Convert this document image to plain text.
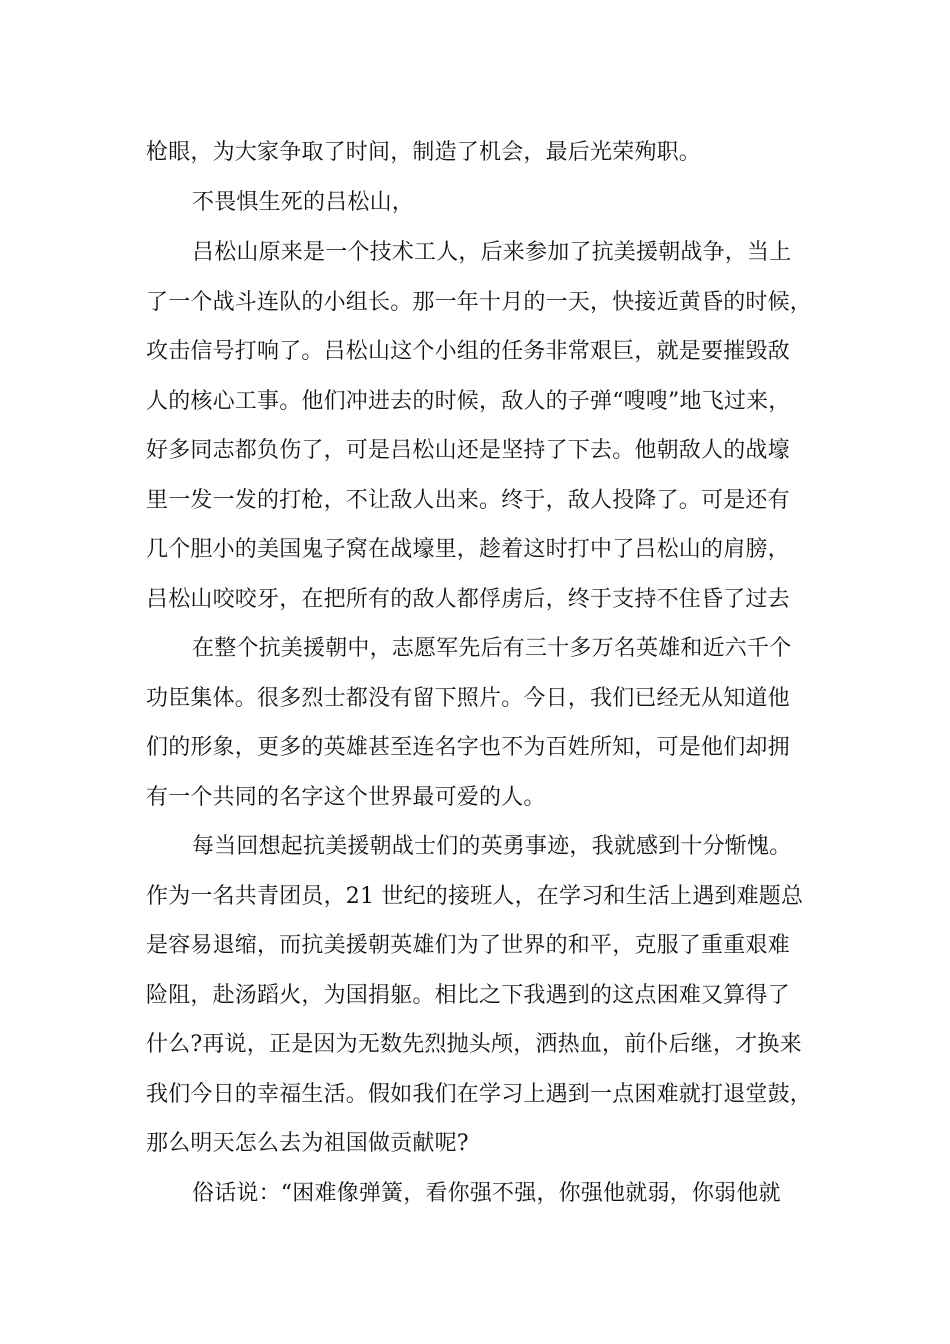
枪眼，为大家争取了时间，制造了机会，最后光荣殉职。
不畏惧生死的吕松山，
吕松山原来是一个技术工人，后来参加了抗美援朝战争，当上
了一个战斗连队的小组长。那一年十月的一天，快接近黄昏的时候，
攻击信号打响了。吕松山这个小组的任务非常艰巨，就是要摧毁敌
人的核心工事。他们冲进去的时候，敌人的子弹“嗖嗖”地飞过来，
好多同志都负伤了，可是吕松山还是坚持了下去。他朝敌人的战壕
里一发一发的打枪，不让敌人出来。终于，敌人投降了。可是还有
几个胆小的美国鬼子窝在战壕里，趁着这时打中了吕松山的肩膀，
吕松山咬咬牙，在把所有的敌人都俘虏后，终于支持不住昏了过去
在整个抗美援朝中，志愿军先后有三十多万名英雄和近六千个
功臣集体。很多烈士都没有留下照片。今日，我们已经无从知道他
们的形象，更多的英雄甚至连名字也不为百姓所知，可是他们却拥
有一个共同的名字这个世界最可爱的人。
每当回想起抗美援朝战士们的英勇事迹，我就感到十分惭愧。
作为一名共青团员，21 世纪的接班人，在学习和生活上遇到难题总
是容易退缩，而抗美援朝英雄们为了世界的和平，克服了重重艰难
险阻，赴汤蹈火，为国捐躯。相比之下我遇到的这点困难又算得了
什么?再说，正是因为无数先烈抛头颅，洒热血，前仆后继，才换来
我们今日的幸福生活。假如我们在学习上遇到一点困难就打退堂鼓，
那么明天怎么去为祖国做贡献呢?
俗话说：“困难像弹簧，看你强不强，你强他就弱，你弱他就
